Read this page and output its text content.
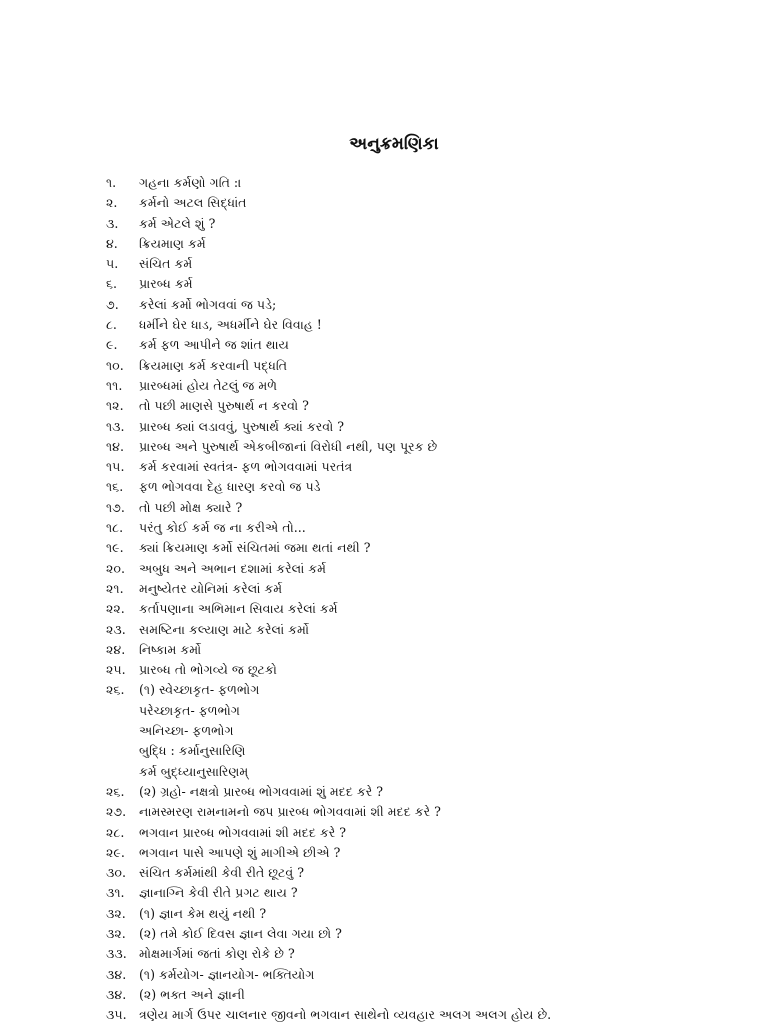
અનુક્રમણિકા
૧.	ગહના કર્મણો ગતિ :।
૨.	કર્મનો અટલ સિદ્ધાંત
૩.	કર્મ એટલે શું ?
૪.	ક્રિયમાણ કર્મ
૫.	સંચિત કર્મ
૬.	પ્રારબ્ધ કર્મ
૭.	કરેલાં કર્મો ભોગવવાં જ પડે;
૮.	ધર્મીને ઘેર ધાડ, અધર્મીને ઘેર વિવાહ !
૯.	કર્મ ફળ આપીને જ શાંત થાય
૧૦.	ક્રિયમાણ કર્મ કરવાની પદ્ધતિ
૧૧.	પ્રારબ્ધમાં હોય તેટલું જ મળે
૧૨.	તો પછી માણસે પુરુષાર્થ ન કરવો ?
૧૩.	પ્રારબ્ધ ક્યાં લડાવવું, પુરુષાર્થ ક્યાં કરવો ?
૧૪.	પ્રારબ્ધ અને પુરુષાર્થ એકબીજાનાં વિરોધી નથી, પણ પૂરક છે
૧૫.	કર્મ કરવામાં સ્વતંત્ર- ફળ ભોગવવામાં પરતંત્ર
૧૬.	ફળ ભોગવવા દેહ ધારણ કરવો જ પડે
૧૭.	તો પછી મોક્ષ ક્યારે ?
૧૮.	પરંતુ કોઈ કર્મ જ ના કરીએ તો...
૧૯.	ક્યાં ક્રિયમાણ કર્મો સંચિતમાં જમા થતાં નથી ?
૨૦.	અબુધ અને અભાન દશામાં કરેલાં કર્મ
૨૧.	મનુષ્યેતર યોનિમાં કરેલાં કર્મ
૨૨.	કર્તાપણાના અભિમાન સિવાય કરેલાં કર્મ
૨૩.	સમષ્ટિના કલ્યાણ માટે કરેલાં કર્મો
૨૪.	નિષ્કામ કર્મો
૨૫.	પ્રારબ્ધ તો ભોગવ્યે જ છૂટકો
૨૬.	(૧) સ્વેચ્છાકૃત- ફળભોગ
પરેચ્છાકૃત- ફળભોગ
અનિચ્છા- ફળભોગ
બુદ્ધિ : કર્માનુસારિણિ
કર્મ બુદ્ધ્યાનુસારિણમ્
૨૬.	(૨) ગ્રહો- નક્ષત્રો પ્રારબ્ધ ભોગવવામાં શું મદદ કરે ?
૨૭.	નામસ્મરણ રામનામનો જપ પ્રારબ્ધ ભોગવવામાં શી મદદ કરે ?
૨૮.	ભગવાન પ્રારબ્ધ ભોગવવામાં શી મદદ કરે ?
૨૯.	ભગવાન પાસે આપણે શું માગીએ છીએ ?
૩૦.	સંચિત કર્મમાંથી કેવી રીતે છૂટવું ?
૩૧.	જ્ઞાનાગ્નિ કેવી રીતે પ્રગટ થાય ?
૩૨.	(૧) જ્ઞાન કેમ થયું નથી ?
૩૨.	(૨) તમે કોઈ દિવસ જ્ઞાન લેવા ગયા છો ?
૩૩. મોક્ષમાર્ગમાં જતાં કોણ રોકે છે ?
૩૪.	(૧) કર્મયોગ- જ્ઞાનયોગ- ભક્તિયોગ
૩૪.	(૨) ભક્ત અને જ્ઞાની
૩૫. ત્રણેય માર્ગ ઉપર ચાલનાર જીવનો ભગવાન સાથેનો વ્યવહાર અલગ અલગ હોય છે.
